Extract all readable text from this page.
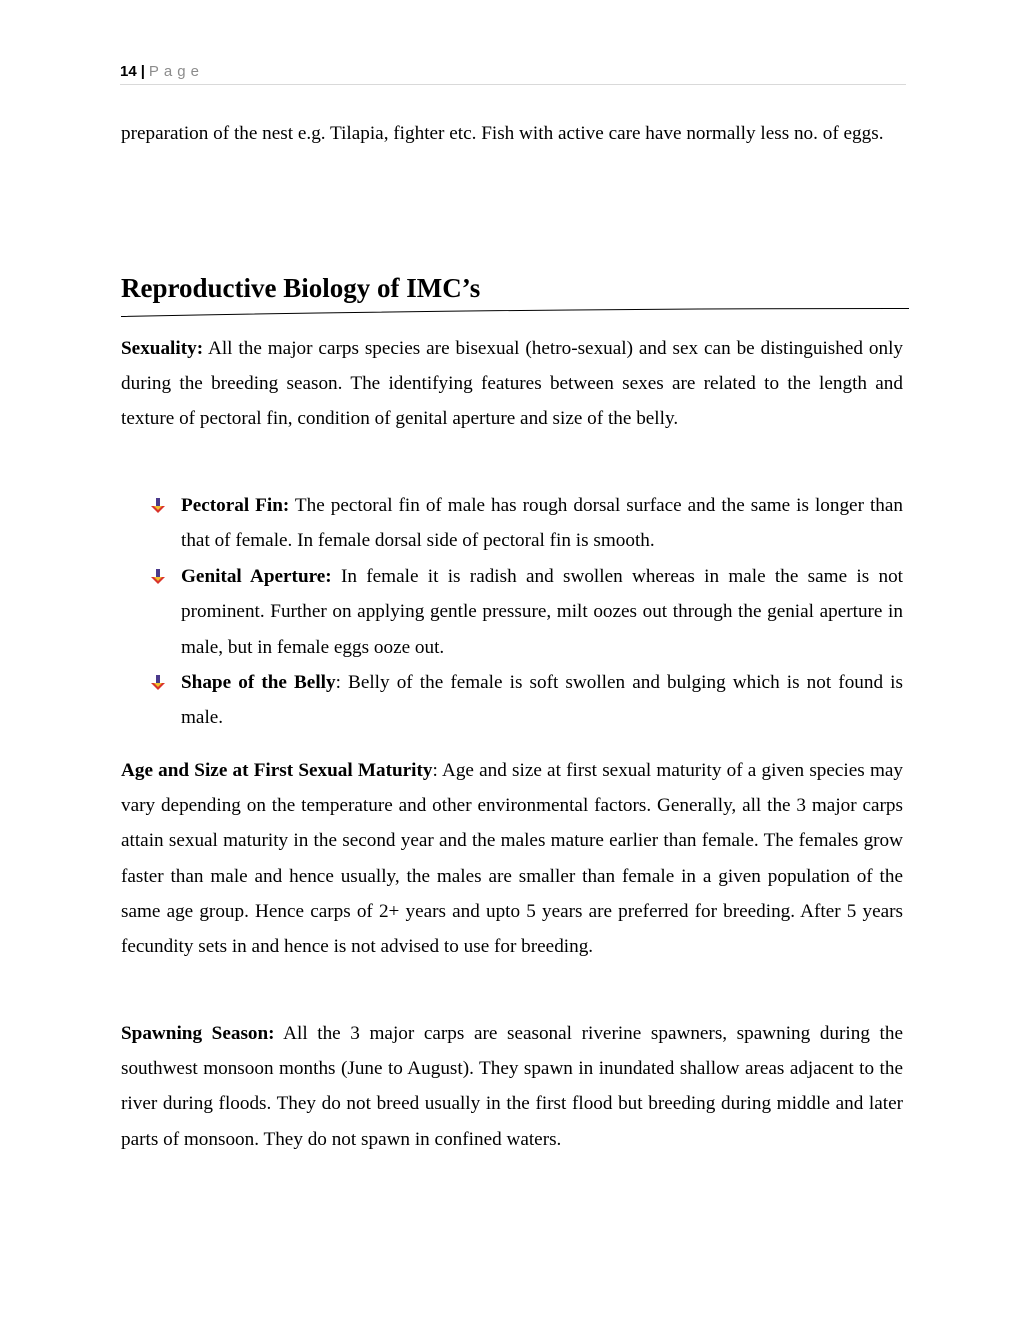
14 | Page

preparation of the nest e.g. Tilapia, fighter etc. Fish with active care have normally less no. of eggs.

Reproductive Biology of IMC’s

Sexuality: All the major carps species are bisexual (hetro-sexual) and sex can be distinguished only during the breeding season. The identifying features between sexes are related to the length and texture of pectoral fin, condition of genital aperture and size of the belly.

Pectoral Fin: The pectoral fin of male has rough dorsal surface and the same is longer than that of female. In female dorsal side of pectoral fin is smooth.
Genital Aperture: In female it is radish and swollen whereas in male the same is not prominent. Further on applying gentle pressure, milt oozes out through the genial aperture in male, but in female eggs ooze out.
Shape of the Belly: Belly of the female is soft swollen and bulging which is not found is male.

Age and Size at First Sexual Maturity: Age and size at first sexual maturity of a given species may vary depending on the temperature and other environmental factors. Generally, all the 3 major carps attain sexual maturity in the second year and the males mature earlier than female. The females grow faster than male and hence usually, the males are smaller than female in a given population of the same age group. Hence carps of 2+ years and upto 5 years are preferred for breeding. After 5 years fecundity sets in and hence is not advised to use for breeding.

Spawning Season: All the 3 major carps are seasonal riverine spawners, spawning during the southwest monsoon months (June to August). They spawn in inundated shallow areas adjacent to the river during floods. They do not breed usually in the first flood but breeding during middle and later parts of monsoon. They do not spawn in confined waters.
